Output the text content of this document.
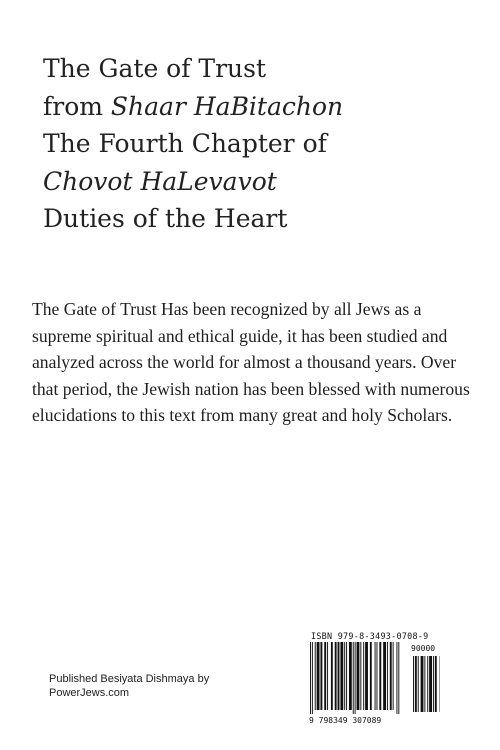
The Gate of Trust
from Shaar HaBitachon
The Fourth Chapter of
Chovot HaLevavot
Duties of the Heart

The Gate of Trust Has been recognized by all Jews as a supreme spiritual and ethical guide, it has been studied and analyzed across the world for almost a thousand years. Over that period, the Jewish nation has been blessed with numerous elucidations to this text from many great and holy Scholars.

Published Besiyata Dishmaya by
PowerJews.com
ISBN 979-8-3493-0708-9
90000
9 798349 307089
